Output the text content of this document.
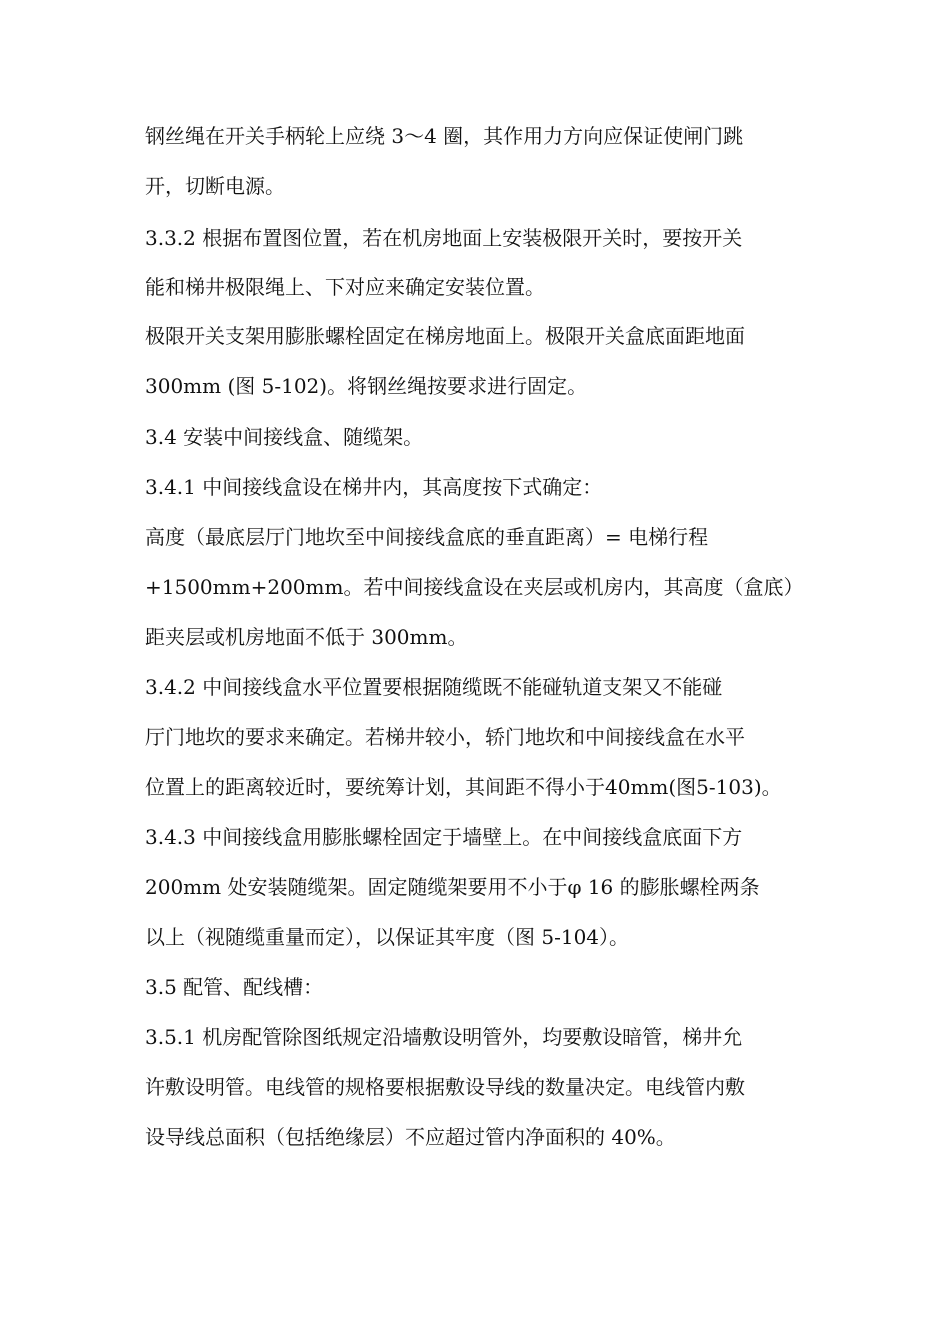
钢丝绳在开关手柄轮上应绕 3～4 圈，其作用力方向应保证使闸门跳
开，切断电源。
3.3.2 根据布置图位置，若在机房地面上安装极限开关时，要按开关
能和梯井极限绳上、下对应来确定安装位置。
极限开关支架用膨胀螺栓固定在梯房地面上。极限开关盒底面距地面
300mm (图 5-102)。将钢丝绳按要求进行固定。
3.4 安装中间接线盒、随缆架。
3.4.1 中间接线盒设在梯井内，其高度按下式确定：
高度（最底层厅门地坎至中间接线盒底的垂直距离）= 电梯行程
+1500mm+200mm。若中间接线盒设在夹层或机房内，其高度（盒底）
距夹层或机房地面不低于 300mm。
3.4.2 中间接线盒水平位置要根据随缆既不能碰轨道支架又不能碰
厅门地坎的要求来确定。若梯井较小，轿门地坎和中间接线盒在水平
位置上的距离较近时，要统筹计划，其间距不得小于40mm(图5-103)。
3.4.3 中间接线盒用膨胀螺栓固定于墙壁上。在中间接线盒底面下方
200mm 处安装随缆架。固定随缆架要用不小于φ 16 的膨胀螺栓两条
以上（视随缆重量而定），以保证其牢度（图 5-104）。
3.5 配管、配线槽：
3.5.1 机房配管除图纸规定沿墙敷设明管外，均要敷设暗管，梯井允
许敷设明管。电线管的规格要根据敷设导线的数量决定。电线管内敷
设导线总面积（包括绝缘层）不应超过管内净面积的 40%。
